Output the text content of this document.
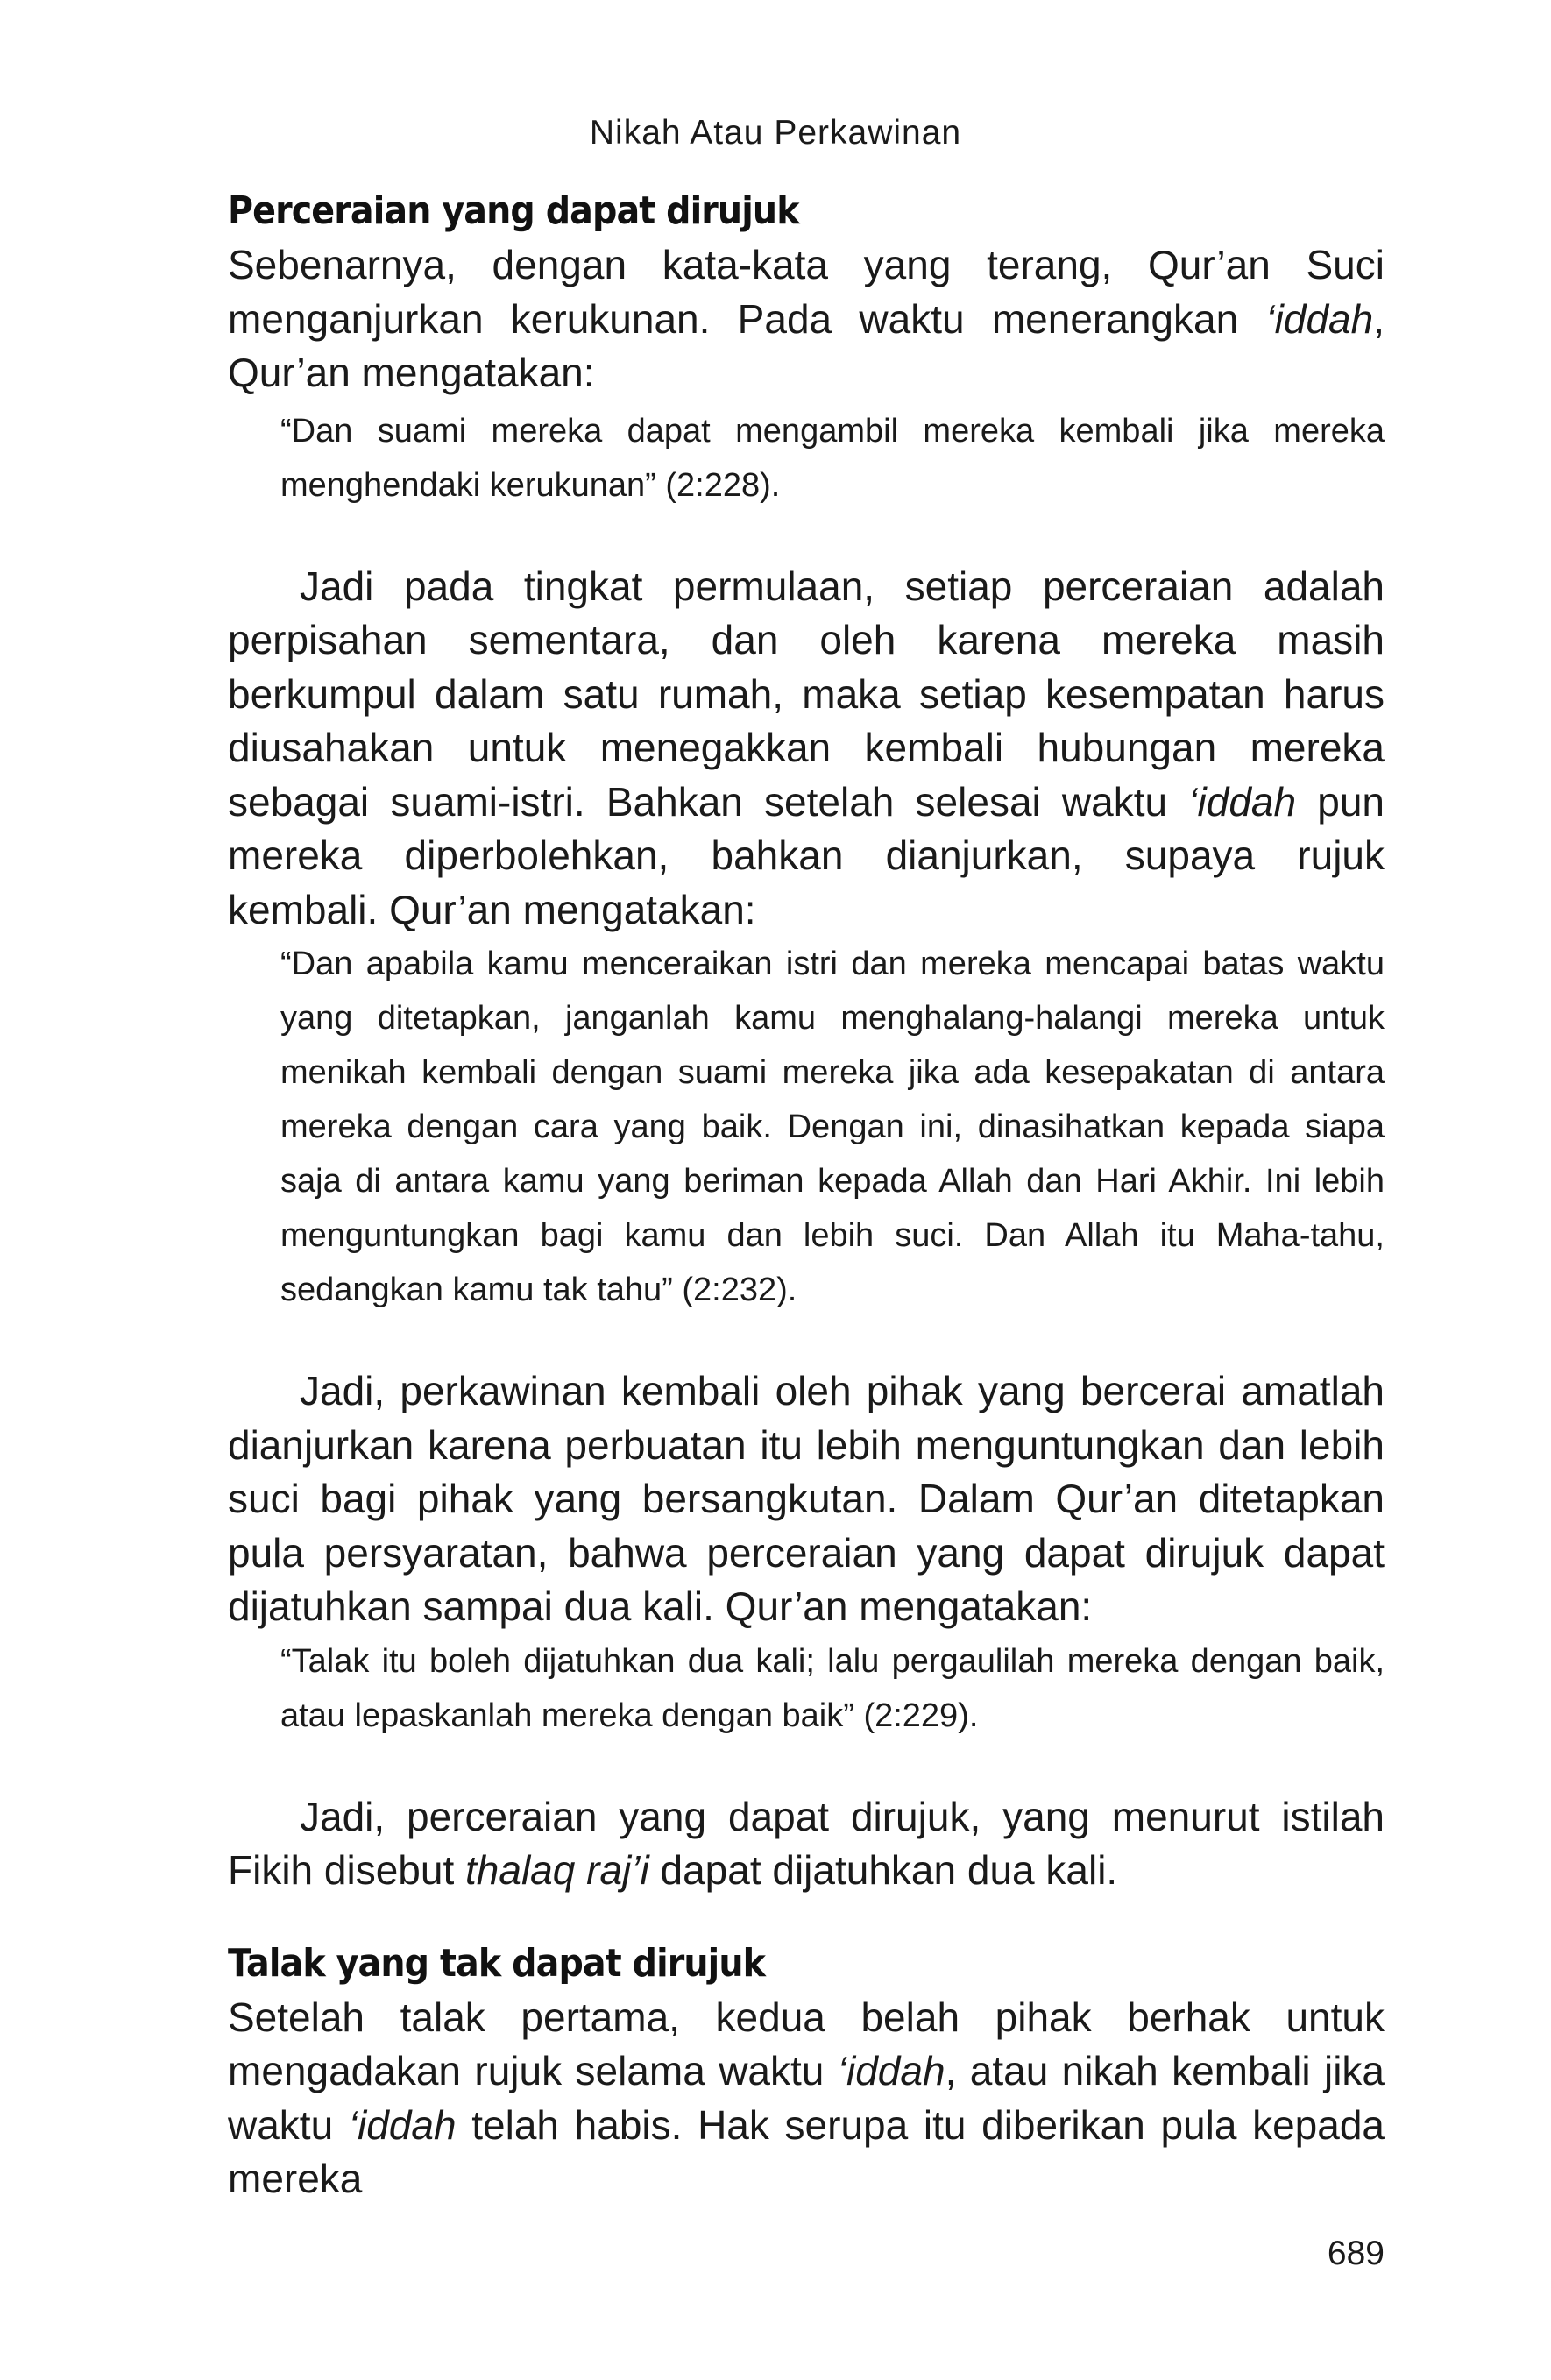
Nikah Atau Perkawinan
Perceraian yang dapat dirujuk

Sebenarnya, dengan kata-kata yang terang, Qur’an Suci menganjurkan kerukunan. Pada waktu menerangkan ‘iddah, Qur’an mengatakan:

“Dan suami mereka dapat mengambil mereka kembali jika mereka menghendaki kerukunan” (2:228).

Jadi pada tingkat permulaan, setiap perceraian adalah perpisahan sementara, dan oleh karena mereka masih berkumpul dalam satu rumah, maka setiap kesempatan harus diusahakan untuk menegakkan kembali hubungan mereka sebagai suami-istri. Bahkan setelah selesai waktu ‘iddah pun mereka diperbolehkan, bahkan dianjurkan, supaya rujuk kembali. Qur’an mengatakan:

“Dan apabila kamu menceraikan istri dan mereka mencapai batas waktu yang ditetapkan, janganlah kamu menghalang-halangi mereka untuk menikah kembali dengan suami mereka jika ada kesepakatan di antara mereka dengan cara yang baik. Dengan ini, dinasihatkan kepada siapa saja di antara kamu yang beriman kepada Allah dan Hari Akhir. Ini lebih menguntungkan bagi kamu dan lebih suci. Dan Allah itu Maha-tahu, sedangkan kamu tak tahu” (2:232).

Jadi, perkawinan kembali oleh pihak yang bercerai amatlah dianjurkan karena perbuatan itu lebih menguntungkan dan lebih suci bagi pihak yang bersangkutan. Dalam Qur’an ditetapkan pula persyaratan, bahwa perceraian yang dapat dirujuk dapat dijatuhkan sampai dua kali. Qur’an mengatakan:

“Talak itu boleh dijatuhkan dua kali; lalu pergaulilah mereka dengan baik, atau lepaskanlah mereka dengan baik” (2:229).

Jadi, perceraian yang dapat dirujuk, yang menurut istilah Fikih disebut thalaq raj’i dapat dijatuhkan dua kali.

Talak yang tak dapat dirujuk

Setelah talak pertama, kedua belah pihak berhak untuk mengadakan rujuk selama waktu ‘iddah, atau nikah kembali jika waktu ‘iddah telah habis. Hak serupa itu diberikan pula kepada mereka

689
